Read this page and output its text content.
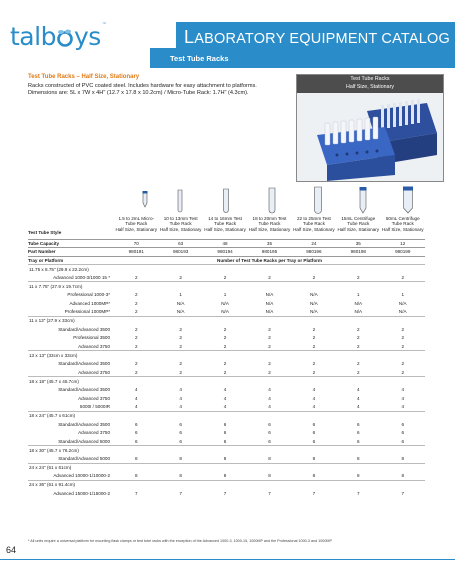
talb ys™
LABORATORY EQUIPMENT CATALOG
Test Tube Racks
Test Tube Racks – Half Size, Stationary
Racks constructed of PVC coated steel. Includes hardware for easy attachment to platforms. Dimensions are: 5L x 7W x 4H" (12.7 x 17.8 x 10.2cm) / Micro-Tube Rack: 1.7H" (4.3cm).
Test Tube Racks
Half Size, Stationary
	1.5 to 2mL Micro-Tube Rack	10 to 13mm Test Tube Rack	14 to 16mm Test Tube Rack	18 to 20mm Test Tube Rack	22 to 25mm Test Tube Rack	15mL Centrifuge Tube Rack	50mL Centrifuge Tube Rack
Test Tube Style	Half Size, Stationary	Half Size, Stationary	Half Size, Stationary	Half Size, Stationary	Half Size, Stationary	Half Size, Stationary	Half Size, Stationary
Tube Capacity	70	63	48	35	24	35	12
Part Number	980191	980193	980194	980195	980196	980198	980199
Tray or Platform	Number of Test Tube Racks per Tray or Platform						
11.75 x 8.75" (29.9 x 22.2cm)							
Advanced 1000-3/1000 15 *	2	2	2	2	2	2	2
11 x 7.75" (27.9 x 19.7cm)							
Professional 1000-3*	2	1	1	N/A	N/A	1	1
Advanced 1000MP*	2	N/A	N/A	N/A	N/A	N/A	N/A
Professional 1000MP*	2	N/A	N/A	N/A	N/A	N/A	N/A
11 x 13" (27.9 x 33cm)							
Standard/Advanced 3500	2	2	2	2	2	2	2
Professional 3500	2	2	2	2	2	2	2
Advanced 3750	2	2	2	2	2	2	2
13 x 13" (33cm x 33cm)							
Standard/Advanced 3500	2	2	2	2	2	2	2
Advanced 3750	2	2	2	2	2	2	2
18 x 18" (45.7 x 45.7cm)							
Standard/Advanced 3500	4	4	4	4	4	4	4
Advanced 3750	4	4	4	4	4	4	4
5000I / 5000IR	4	4	4	4	4	4	4
18 x 24" (45.7 x 61cm)							
Standard/Advanced 3500	6	6	6	6	6	6	6
Advanced 3750	6	6	6	6	6	6	6
Standard/Advanced 5000	6	6	6	6	6	6	6
18 x 30" (45.7 x 76.2cm)							
Standard/Advanced 5000	8	8	8	8	8	8	8
24 x 24" (61 x 61cm)							
Advanced 10000-1/10000-2	8	8	8	8	8	8	8
24 x 36" (61 x 91.4cm)							
Advanced 15000-1/15000-2	7	7	7	7	7	7	7
* All units require a universal platform for mounting flask clamps or test tube racks with the exception of the Advanced 1000-3, 1000-15, 1000MP and the Professional 1000-3 and 1000MP
64
